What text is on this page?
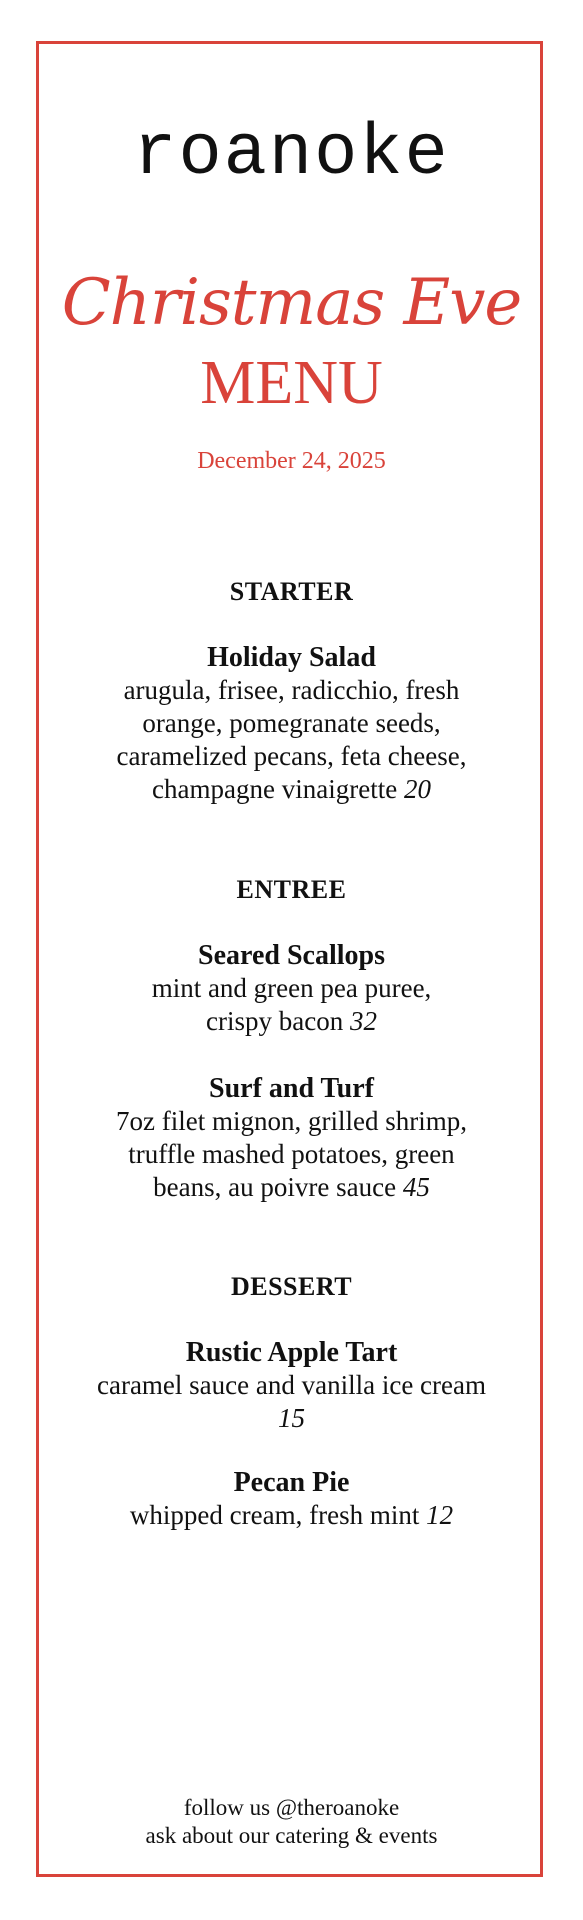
roanoke
Christmas Eve
MENU
December 24, 2025
STARTER
Holiday Salad
arugula, frisee, radicchio, fresh orange, pomegranate seeds, caramelized pecans, feta cheese, champagne vinaigrette 20
ENTREE
Seared Scallops
mint and green pea puree, crispy bacon 32
Surf and Turf
7oz filet mignon, grilled shrimp, truffle mashed potatoes, green beans, au poivre sauce 45
DESSERT
Rustic Apple Tart
caramel sauce and vanilla ice cream 15
Pecan Pie
whipped cream, fresh mint 12
follow us @theroanoke
ask about our catering & events
